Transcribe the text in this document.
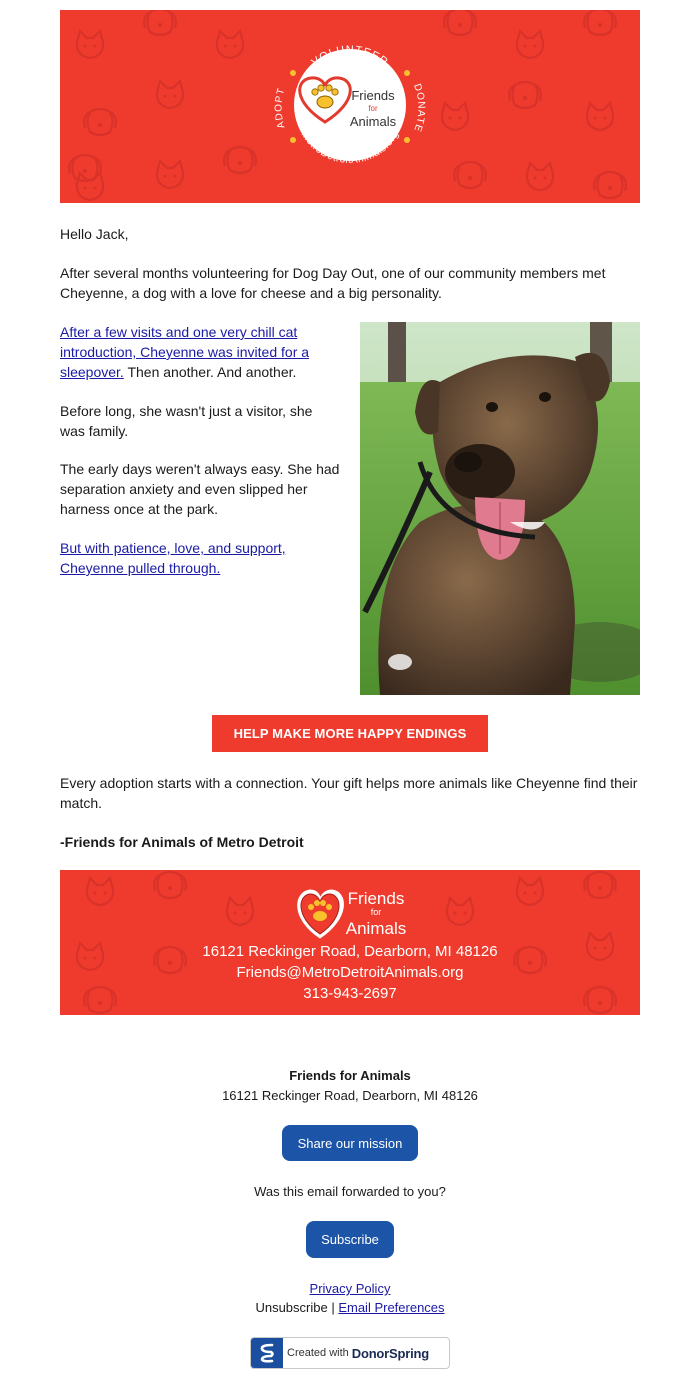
VOLUNTEER
MetroDetroitAnimals.org
ADOPT	DONATE
Friends
for
Animals
Hello Jack,
After several months volunteering for Dog Day Out, one of our community members met Cheyenne, a dog with a love for cheese and a big personality.
After a few visits and one very chill cat introduction, Cheyenne was invited for a sleepover. Then another. And another.
Before long, she wasn't just a visitor, she was family.
The early days weren't always easy. She had separation anxiety and even slipped her harness once at the park.
But with patience, love, and support, Cheyenne pulled through.
HELP MAKE MORE HAPPY ENDINGS
Every adoption starts with a connection. Your gift helps more animals like Cheyenne find their match.
-Friends for Animals of Metro Detroit
Friends
for
Animals
16121 Reckinger Road, Dearborn, MI 48126
Friends@MetroDetroitAnimals.org
313-943-2697
Friends for Animals
16121 Reckinger Road, Dearborn, MI 48126
Share our mission
Was this email forwarded to you?
Subscribe
Privacy Policy
Unsubscribe | Email Preferences
Created with DonorSpring
